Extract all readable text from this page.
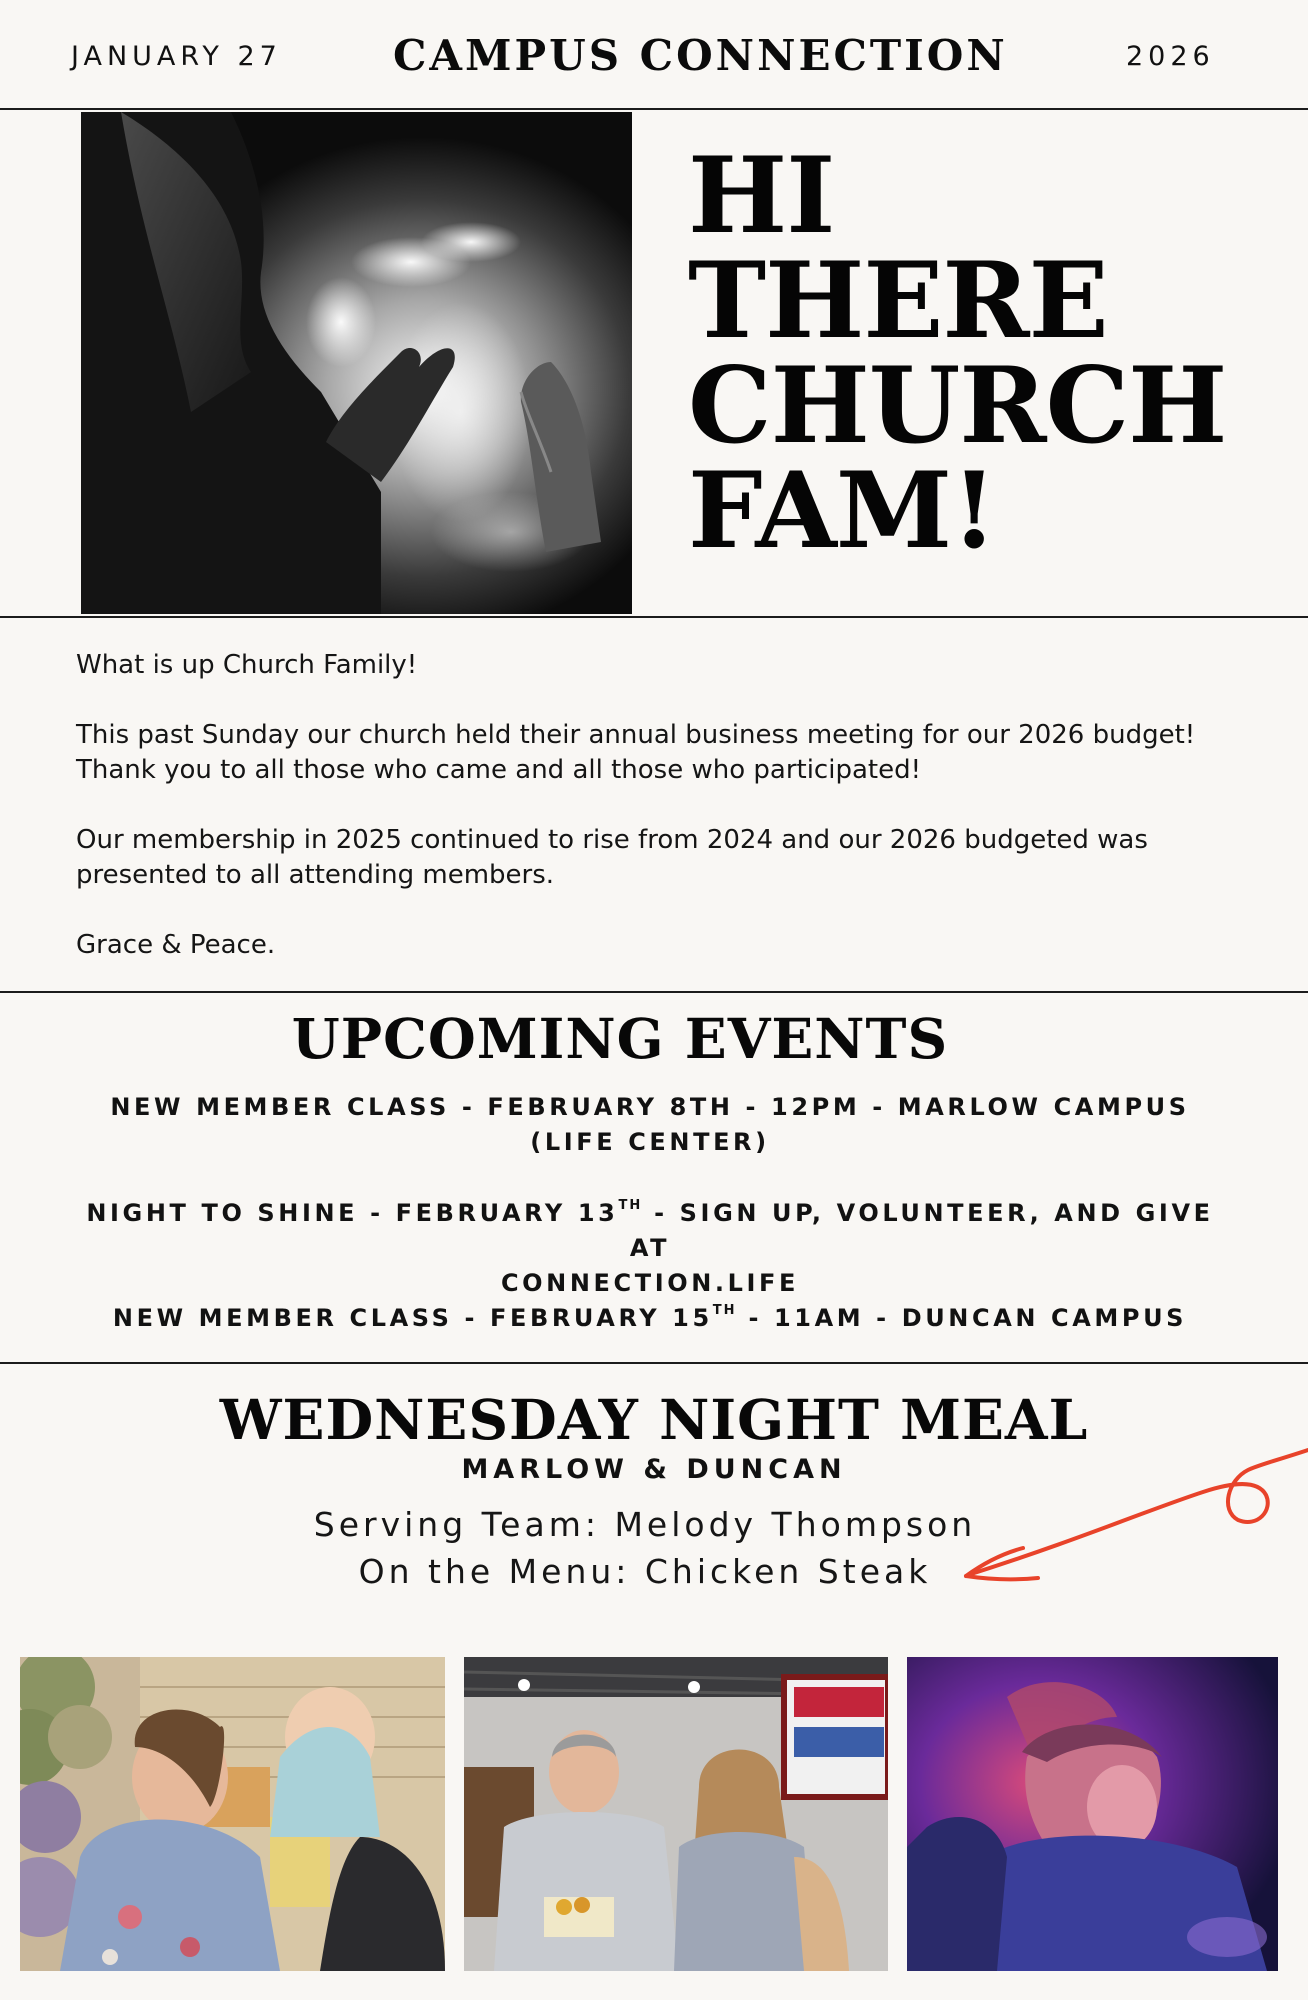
JANUARY 27	CAMPUS CONNECTION	2026
HI
THERE
CHURCH
FAM!

What is up Church Family!

This past Sunday our church held their annual business meeting for our 2026 budget! Thank you to all those who came and all those who participated!

Our membership in 2025 continued to rise from 2024 and our 2026 budgeted was presented to all attending members.

Grace & Peace.

UPCOMING EVENTS
NEW MEMBER CLASS - FEBRUARY 8TH - 12PM - MARLOW CAMPUS
(LIFE CENTER)
NIGHT TO SHINE - FEBRUARY 13TH - SIGN UP, VOLUNTEER, AND GIVE AT
CONNECTION.LIFE
NEW MEMBER CLASS - FEBRUARY 15TH - 11AM - DUNCAN CAMPUS
WEDNESDAY NIGHT MEAL
MARLOW & DUNCAN
Serving Team: Melody Thompson
On the Menu: Chicken Steak
